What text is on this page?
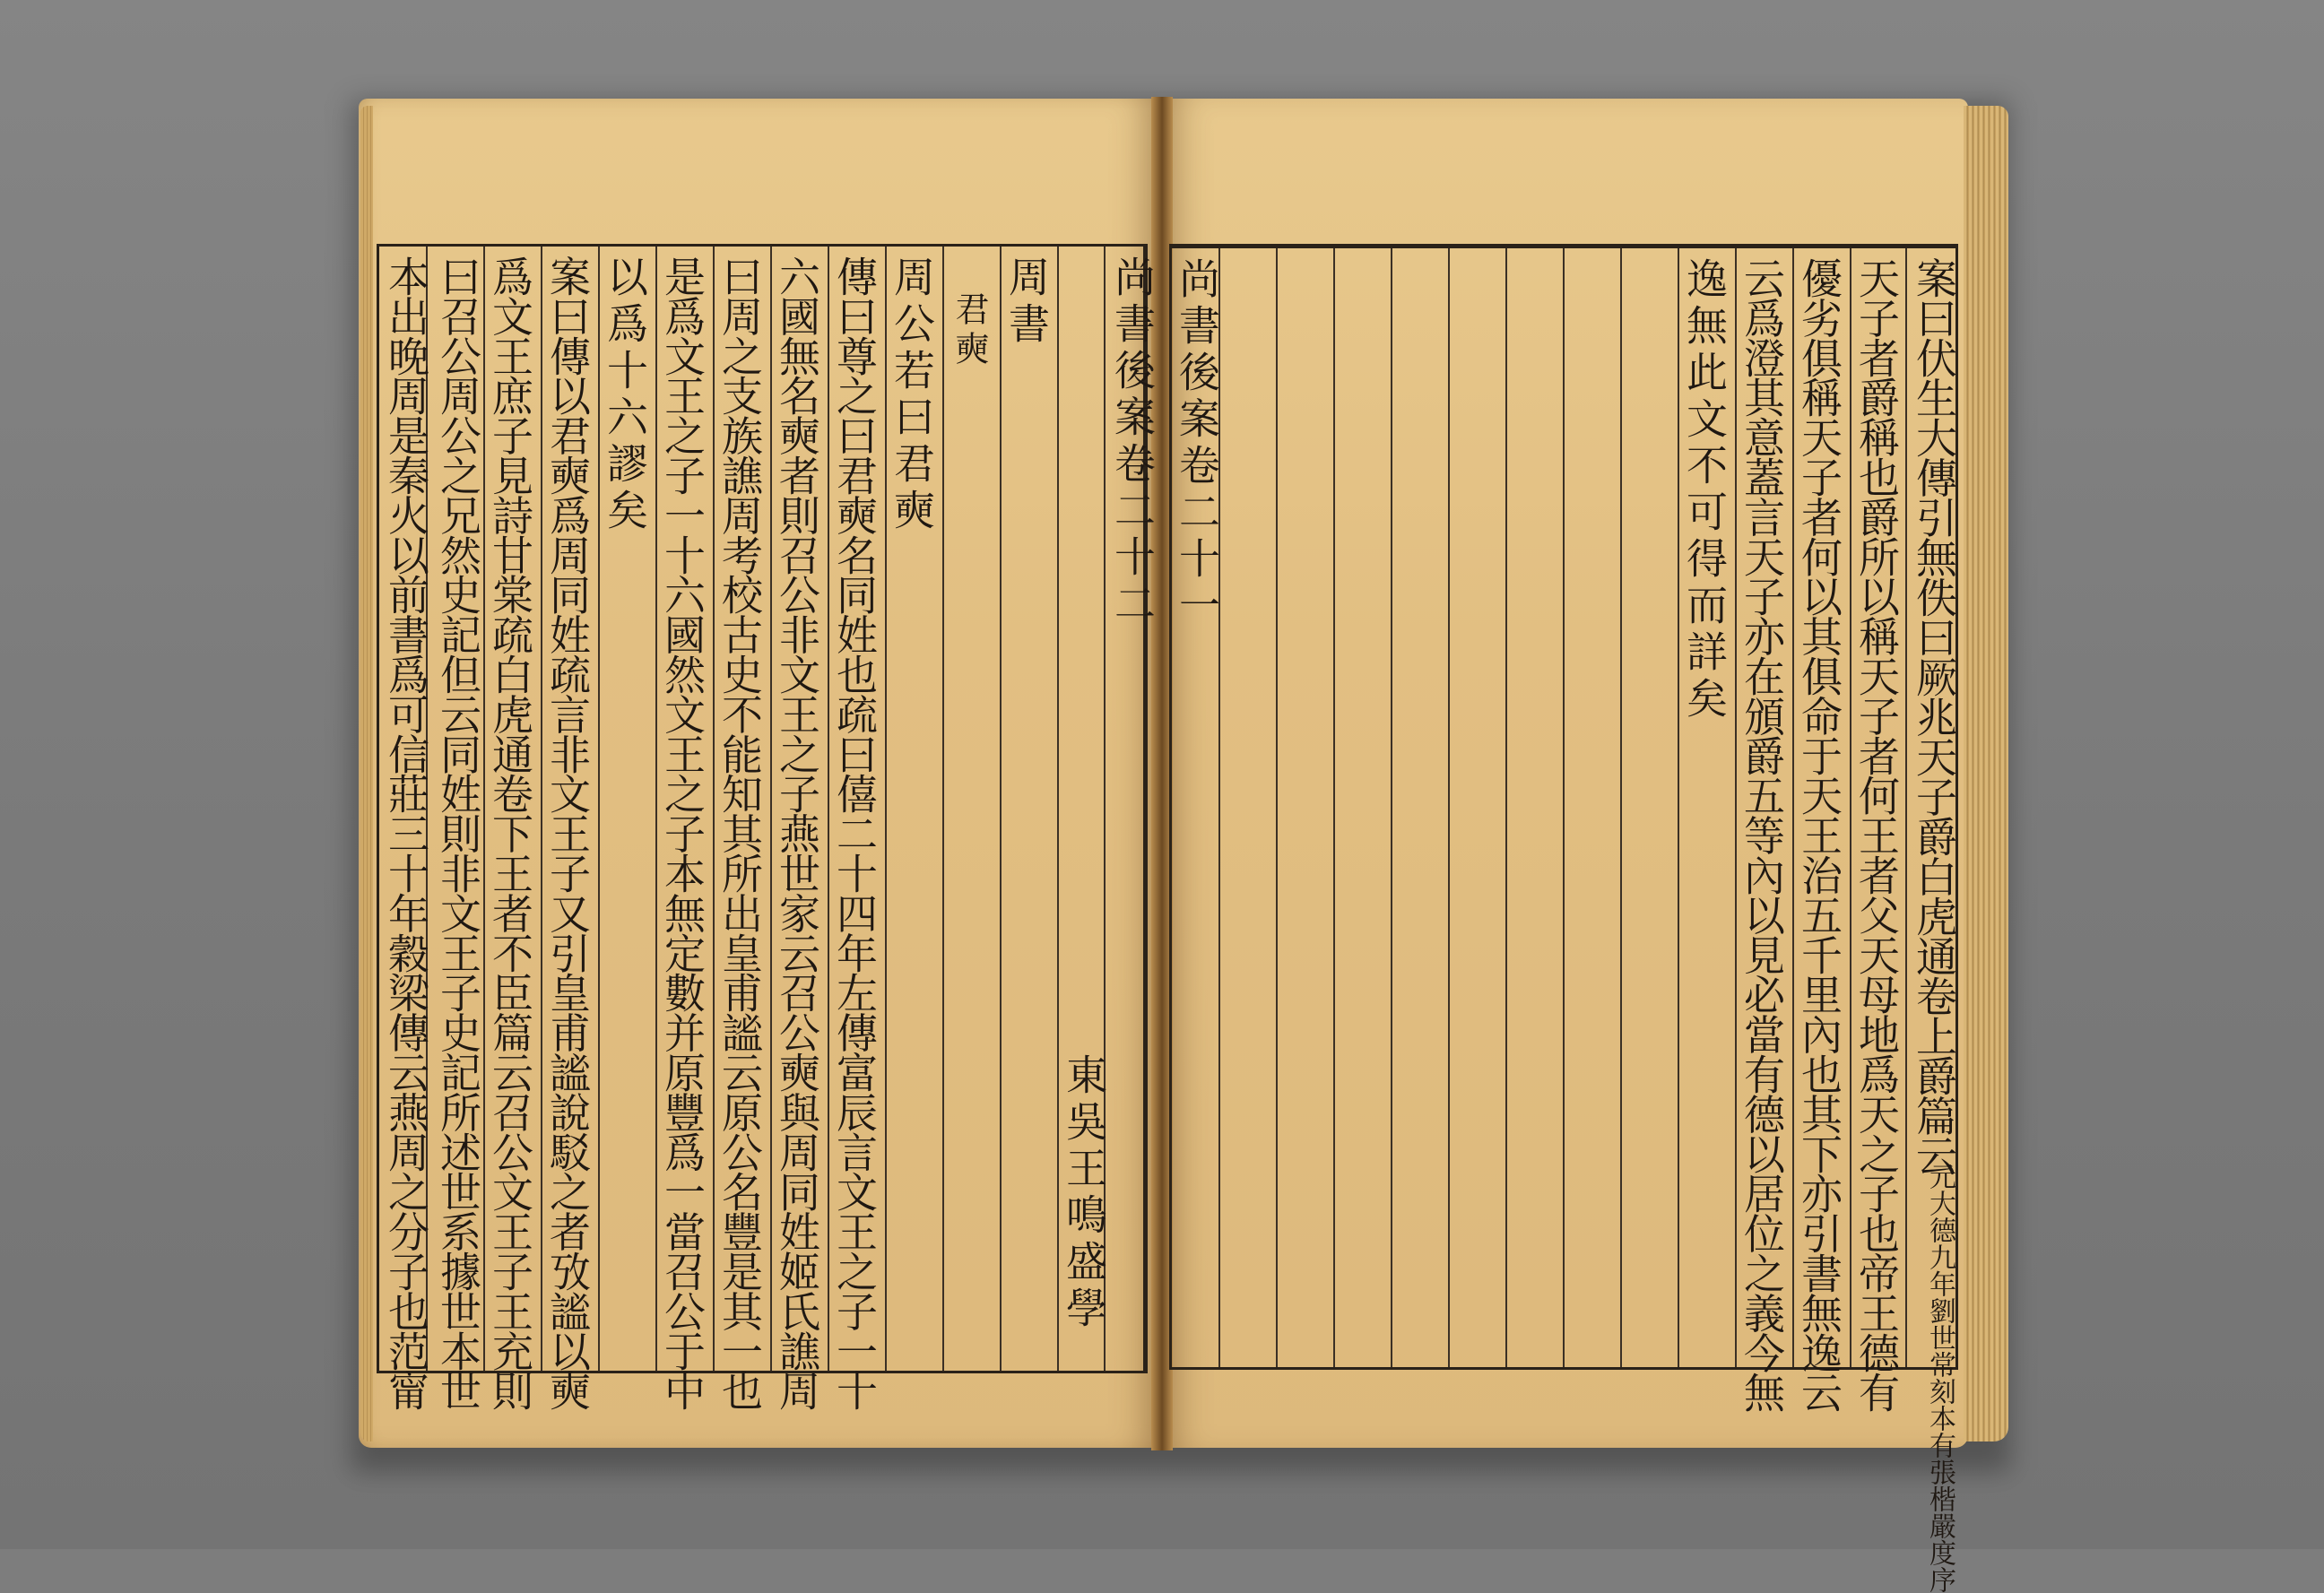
尚書後案卷二十二
東吳王鳴盛學
周書
君奭
周公若曰君奭
傳曰尊之曰君奭名同姓也疏曰僖二十四年左傳富辰言文王之子一十
六國無名奭者則召公非文王之子燕世家云召公奭與周同姓姬氏譙周
曰周之支族譙周考校古史不能知其所出皇甫謐云原公名豐是其一也
是爲文王之子一十六國然文王之子本無定數并原豐爲一當召公于中
以爲十六謬矣
案曰傳以君奭爲周同姓疏言非文王子又引皇甫謐說駁之者攷謐以奭
爲文王庶子見詩甘棠疏白虎通卷下王者不臣篇云召公文王子王充則
曰召公周公之兄然史記但云同姓則非文王子史記所述世系據世本世
本出晚周是秦火以前書爲可信莊三十年穀梁傳云燕周之分子也范甯	尚書後案卷二十一	案曰伏生大傳引無佚曰厥兆天子爵白虎通卷上爵篇云
天子者爵稱也爵所以稱天子者何王者父天母地爲天之子也帝王德有
優劣俱稱天子者何以其俱命于天王治五千里內也其下亦引書無逸云
云爲澄其意蓋言天子亦在頒爵五等內以見必當有德以居位之義今無
逸無此文不可得而詳矣
元大德九年劉世常刻本有張楷嚴度序
